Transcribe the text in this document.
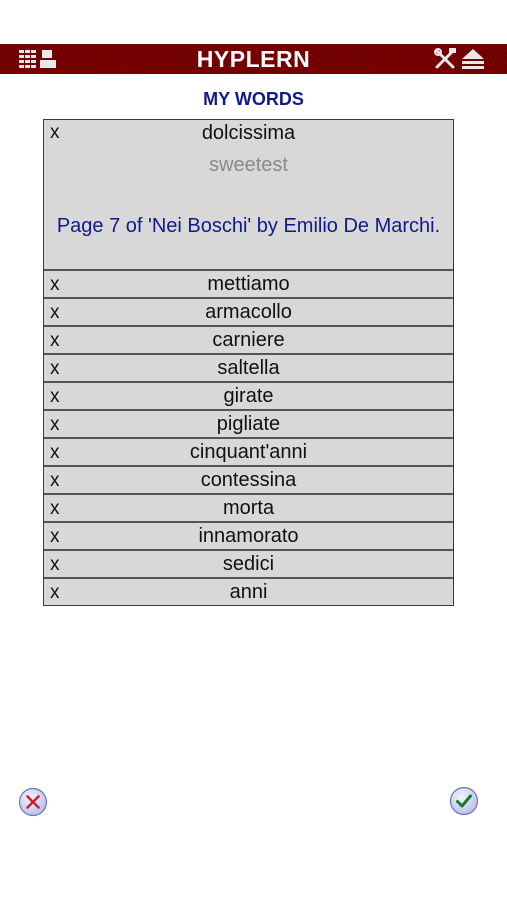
HYPLERN
MY WORDS
x	dolcissima
sweetest
Page 7 of 'Nei Boschi' by Emilio De Marchi.
x	mettiamo
x	armacollo
x	carniere
x	saltella
x	girate
x	pigliate
x	cinquant'anni
x	contessina
x	morta
x	innamorato
x	sedici
x	anni
